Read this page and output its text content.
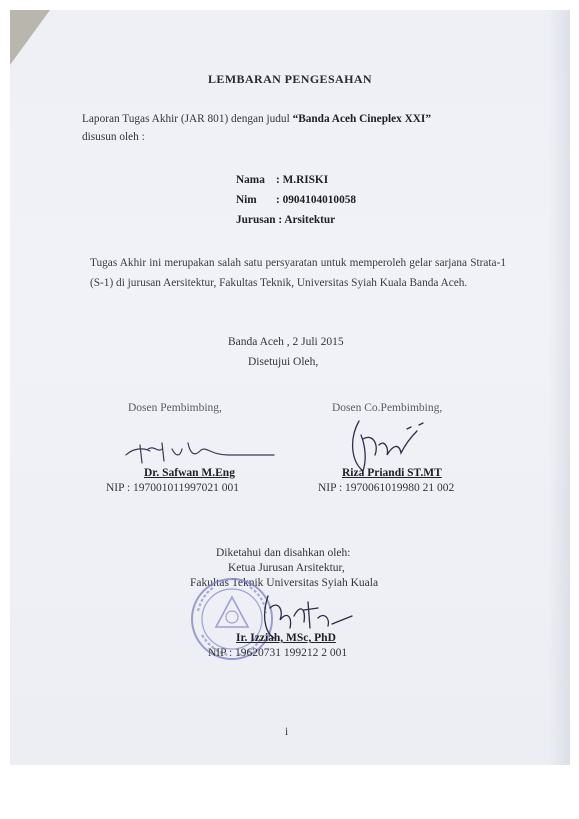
LEMBARAN PENGESAHAN
Laporan Tugas Akhir (JAR 801) dengan judul “Banda Aceh Cineplex XXI”
disusun oleh :
Nama : M.RISKI
Nim : 0904104010058
Jurusan : Arsitektur
Tugas Akhir ini merupakan salah satu persyaratan untuk memperoleh gelar sarjana Strata-1 (S-1) di jurusan Aersitektur, Fakultas Teknik, Universitas Syiah Kuala Banda Aceh.
Banda Aceh , 2 Juli 2015
Disetujui Oleh,
Dosen Pembimbing,	Dosen Co.Pembimbing,
Dr. Safwan M.Eng
NIP : 197001011997021 001
Riza Priandi ST.MT
NIP : 1970061019980 21 002
Diketahui dan disahkan oleh:
Ketua Jurusan Arsitektur,
Fakultas Teknik Universitas Syiah Kuala
Ir. Izziah, MSc, PhD
NIP : 19620731 199212 2 001
i
